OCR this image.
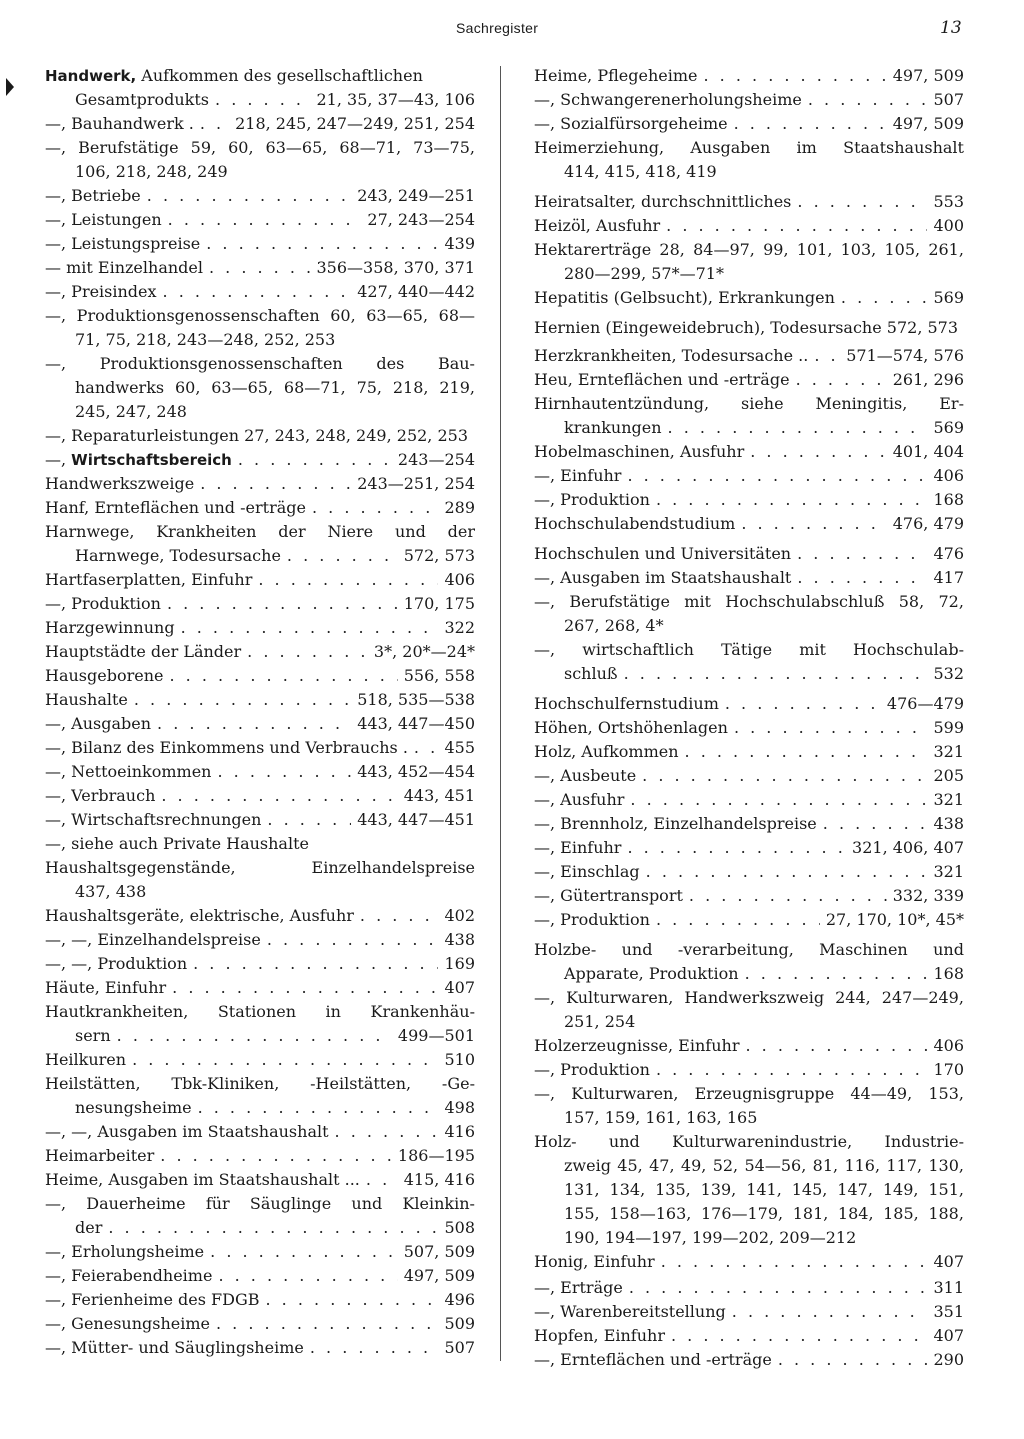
Sachregister	13
Handwerk, Aufkommen des gesellschaftlichen
Gesamtprodukts . . .	21, 35, 37—43, 106
—, Bauhandwerk . . . .	218, 245, 247—249, 251, 254
—, Berufstätige 59, 60, 63—65, 68—71, 73—75,
106, 218, 248, 249
—, Betriebe . . .	243, 249—251
—, Leistungen . . .	27, 243—254
—, Leistungspreise . . .	439
— mit Einzelhandel . . .	356—358, 370, 371
—, Preisindex . . .	427, 440—442
—, Produktionsgenossenschaften 60, 63—65, 68—
71, 75, 218, 243—248, 252, 253
—, Produktionsgenossenschaften des Bau-
handwerks 60, 63—65, 68—71, 75, 218, 219,
245, 247, 248
—, Reparaturleistungen 27, 243, 248, 249, 252, 253
—, Wirtschaftsbereich . . .	243—254
Handwerkszweige . . .	243—251, 254
Hanf, Ernteflächen und -erträge . . .	289
Harnwege, Krankheiten der Niere und der
Harnwege, Todesursache . . .	572, 573
Hartfaserplatten, Einfuhr . . .	406
—, Produktion . . .	170, 175
Harzgewinnung . . .	322
Hauptstädte der Länder . . .	3*, 20*—24*
Hausgeborene . . .	556, 558
Haushalte . . .	518, 535—538
—, Ausgaben . . .	443, 447—450
—, Bilanz des Einkommens und Verbrauchs . . . . 455
—, Nettoeinkommen . . .	443, 452—454
—, Verbrauch . . .	443, 451
—, Wirtschaftsrechnungen . . .	443, 447—451
—, siehe auch Private Haushalte
Haushaltsgegenstände,	Einzelhandelspreise
437, 438
Haushaltsgeräte, elektrische, Ausfuhr . . .	402
—, —, Einzelhandelspreise . . .	438
—, —, Produktion . . .	169
Häute, Einfuhr . . .	407
Hautkrankheiten, Stationen in Krankenhäu-
sern . . .	499—501
Heilkuren . . .	510
Heilstätten, Tbk-Kliniken, -Heilstätten, -Ge-
nesungsheime . . .	498
—, —, Ausgaben im Staatshaushalt . . .	416
Heimarbeiter . . .	186—195
Heime, Ausgaben im Staatshaushalt ... . . .	415, 416
—, Dauerheime für Säuglinge und Kleinkin-
der . . .	508
—, Erholungsheime . . .	507, 509
—, Feierabendheime . . .	497, 509
—, Ferienheime des FDGB . . .	496
—, Genesungsheime . . .	509
—, Mütter- und Säuglingsheime . . .	507
Heime, Pflegeheime . . .	497, 509
—, Schwangerenerholungsheime . . .	507
—, Sozialfürsorgeheime . . .	497, 509
Heimerziehung, Ausgaben im Staatshaushalt
414, 415, 418, 419
Heiratsalter, durchschnittliches . . .	553
Heizöl, Ausfuhr . . .	400
Hektarerträge 28, 84—97, 99, 101, 103, 105, 261,
280—299, 57*—71*
Hepatitis (Gelbsucht), Erkrankungen . . .	569
Hernien (Eingeweidebruch), Todesursache 572, 573
Herzkrankheiten, Todesursache .. . . . 571—574, 576
Heu, Ernteflächen und -erträge . . .	261, 296
Hirnhautentzündung, siehe Meningitis, Er-
krankungen . . .	569
Hobelmaschinen, Ausfuhr . . .	401, 404
—, Einfuhr . . .	406
—, Produktion . . .	168
Hochschulabendstudium . . .	476, 479
Hochschulen und Universitäten . . .	476
—, Ausgaben im Staatshaushalt . . .	417
—, Berufstätige mit Hochschulabschluß 58, 72,
267, 268, 4*
—, wirtschaftlich Tätige mit Hochschulab-
schluß . . .	532
Hochschulfernstudium . . .	476—479
Höhen, Ortshöhenlagen . . .	599
Holz, Aufkommen . . .	321
—, Ausbeute . . .	205
—, Ausfuhr . . .	321
—, Brennholz, Einzelhandelspreise . . .	438
—, Einfuhr . . .	321, 406, 407
—, Einschlag . . .	321
—, Gütertransport . . .	332, 339
—, Produktion . . .	27, 170, 10*, 45*
Holzbe- und -verarbeitung, Maschinen und
Apparate, Produktion . . .	168
—, Kulturwaren, Handwerkszweig 244, 247—249,
251, 254
Holzerzeugnisse, Einfuhr . . .	406
—, Produktion . . .	170
—, Kulturwaren, Erzeugnisgruppe 44—49, 153,
157, 159, 161, 163, 165
Holz- und Kulturwarenindustrie, Industrie-
zweig 45, 47, 49, 52, 54—56, 81, 116, 117, 130,
131, 134, 135, 139, 141, 145, 147, 149, 151,
155, 158—163, 176—179, 181, 184, 185, 188,
190, 194—197, 199—202, 209—212
Honig, Einfuhr . . .	407
—, Erträge . . .	311
—, Warenbereitstellung . . .	351
Hopfen, Einfuhr . . .	407
—, Ernteflächen und -erträge . . .	290
